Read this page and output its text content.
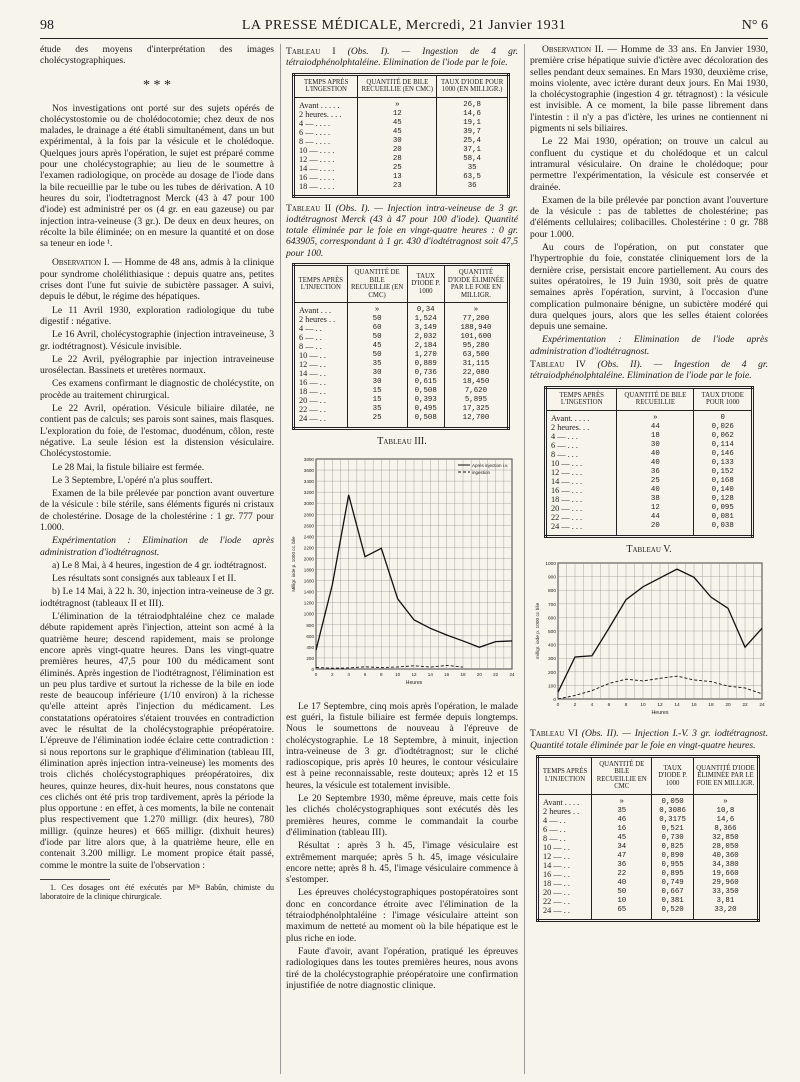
98	LA PRESSE MÉDICALE, Mercredi, 21 Janvier 1931	N° 6

étude des moyens d'interprétation des images cholécystographiques.

* * *

Nos investigations ont porté sur des sujets opérés de cholécystostomie ou de cholédocotomie; chez deux de nos malades, le drainage a été établi simultanément, dans un but expérimental, à la fois par la vésicule et le cholédoque. Quelques jours après l'opération, le sujet est préparé comme pour une cholécystographie; au lieu de le soumettre à l'examen radiologique, on procède au dosage de l'iode dans la bile recueillie par le tube ou les tubes de dérivation. A 10 heures du soir, l'iodtetragnost Merck (43 à 47 pour 100 d'iode) est administré per os (4 gr. en eau gazeuse) ou par injection intra-veineuse (3 gr.). De deux en deux heures, on récolte la bile éliminée; on en mesure la quantité et on dose sa teneur en iode ¹.

Observation I. — Homme de 48 ans, admis à la clinique pour syndrome cholélithiasique : depuis quatre ans, petites crises dont l'une fut suivie de subictère passager. A suivi, depuis le début, le régime des hépatiques.

Le 11 Avril 1930, exploration radiologique du tube digestif : négative.

Le 16 Avril, cholécystographie (injection intraveineuse, 3 gr. iodtétragnost). Vésicule invisible.

Le 22 Avril, pyélographie par injection intraveineuse urosélectan. Bassinets et uretères normaux.

Ces examens confirmant le diagnostic de cholécystite, on procède au traitement chirurgical.

Le 22 Avril, opération. Vésicule biliaire dilatée, ne contient pas de calculs; ses parois sont saines, mais flasques. L'exploration du foie, de l'estomac, duodénum, côlon, reste négative. La seule lésion est la distension vésiculaire. Cholécystostomie.

Le 28 Mai, la fistule biliaire est fermée.

Le 3 Septembre, L'opéré n'a plus souffert.

Examen de la bile prélevée par ponction avant ouverture de la vésicule : bile stérile, sans éléments figurés ni cristaux de cholestérine. Dosage de la cholestérine : 1 gr. 777 pour 1.000.

Expérimentation : Elimination de l'iode après administration d'iodtétragnost.

a) Le 8 Mai, à 4 heures, ingestion de 4 gr. iodtétragnost.

Les résultats sont consignés aux tableaux I et II.

b) Le 14 Mai, à 22 h. 30, injection intra-veineuse de 3 gr. iodtétragnost (tableaux II et III).

L'élimination de la tétraiodphtaléine chez ce malade débute rapidement après l'injection, atteint son acmé à la quatrième heure; descend rapidement, mais se prolonge encore après vingt-quatre heures. Dans les vingt-quatre premières heures, 47,5 pour 100 du médicament sont éliminés. Après ingestion de l'iodtétragnost, l'élimination est un peu plus tardive et surtout la richesse de la bile en iode reste de beaucoup inférieure (1/10 environ) à la richesse qu'elle atteint après l'injection du médicament. Les constatations opératoires s'étaient trouvées en contradiction avec le résultat de la cholécystographie préopératoire. L'épreuve de l'élimination iodée éclaire cette contradiction : si nous reportons sur le graphique d'élimination (tableau III, élimination après injection intra-veineuse) les moments des trois clichés cholécystographiques préopératoires, dix heures, quinze heures, dix-huit heures, nous constatons que ces clichés ont été pris trop tardivement, après la période la plus opportune : en effet, à ces moments, la bile ne contenait plus respectivement que 1.270 milligr. (dix heures), 780 milligr. (quinze heures) et 665 milligr. (dixhuit heures) d'iode par litre alors que, à la quatrième heure, elle en contenait 3.200 milligr. Le moment propice était passé, comme le montre la suite de l'observation :

1. Ces dosages ont été exécutés par Mˡˡᵉ Babûn, chimiste du laboratoire de la clinique chirurgicale.

Tableau I (Obs. I). — Ingestion de 4 gr. tétraiodphénolphtaléine. Elimination de l'iode par le foie.

TEMPS APRÈS L'INGESTION	QUANTITÉ DE BILE RECUEILLIE (EN CMC)	TAUX D'IODE POUR 1000 (EN MILLIGR.)
Avant . . . . .	»	26,8
2 heures. . . .	12	14,6
4 — . . . .	45	19,1
6 — . . . .	45	39,7
8 — . . . .	30	25,4
10 — . . . .	20	37,1
12 — . . . .	28	58,4
14 — . . . .	25	35
16 — . . . .	13	63,5
18 — . . . .	23	36

Tableau II (Obs. I). — Injection intra-veineuse de 3 gr. iodtétragnost Merck (43 à 47 pour 100 d'iode). Quantité totale éliminée par le foie en vingt-quatre heures : 0 gr. 643905, correspondant à 1 gr. 430 d'iodtétragnost soit 47,5 pour 100.

TEMPS APRÈS L'INJECTION	QUANTITÉ DE BILE RECUEILLIE (EN CMC)	TAUX D'IODE P. 1000	QUANTITÉ D'IODE ÉLIMINÉE PAR LE FOIE EN MILLIGR.
Avant . . .	»	0,34	»
2 heures . .	50	1,524	77,200
4 — . .	60	3,149	188,940
6 — . .	50	2,032	101,600
8 — . .	45	2,184	95,280
10 — . .	50	1,270	63,500
12 — . .	35	0,889	31,115
14 — . .	30	0,736	22,080
16 — . .	30	0,615	18,450
18 — . .	15	0,508	7,620
20 — . .	15	0,393	5,895
22 — . .	35	0,495	17,325
24 — . .	25	0,508	12,700

Tableau III.

0
200
400
600
800
1000
1200
1400
1600
1800
2000
2200
2400
2600
2800
3000
3200
3400
3600
3800
0	2	4	6	8	10 12 14 16 18 20 22 24
Heures
Milligr. iode p. 1000 cc. bile
Après injection i.v.
ingestion

Le 17 Septembre, cinq mois après l'opération, le malade est guéri, la fistule biliaire est fermée depuis longtemps. Nous le soumettons de nouveau à l'épreuve de cholécystographie. Le 18 Septembre, à minuit, injection intra-veineuse de 3 gr. d'iodtétragnost; sur le cliché radioscopique, pris après 10 heures, le contour vésiculaire est à peine reconnaissable, reste douteux; après 12 et 15 heures, la vésicule est totalement invisible.

Le 20 Septembre 1930, même épreuve, mais cette fois les clichés cholécystographiques sont exécutés dès les premières heures, comme le commandait la courbe d'élimination (tableau III).

Résultat : après 3 h. 45, l'image vésiculaire est extrêmement marquée; après 5 h. 45, image vésiculaire encore nette; après 8 h. 45, l'image vésiculaire commence à s'estomper.

Les épreuves cholécystographiques postopératoires sont donc en concordance étroite avec l'élimination de la tétraiodphénolphtaléine : l'image vésiculaire atteint son maximum de netteté au moment où la bile hépatique est le plus riche en iode.

Faute d'avoir, avant l'opération, pratiqué les épreuves radiologiques dans les toutes premières heures, nous avons tiré de la cholécystographie préopératoire une confirmation injustifiée de notre diagnostic clinique.

Observation II. — Homme de 33 ans. En Janvier 1930, première crise hépatique suivie d'ictère avec décoloration des selles pendant deux semaines. En Mars 1930, deuxième crise, moins violente, avec ictère durant deux jours. En Mai 1930, la cholécystographie (ingestion 4 gr. tétragnost) : la vésicule est invisible. A ce moment, la bile passe librement dans l'intestin : il n'y a pas d'ictère, les urines ne contiennent ni pigments ni sels biliaires.

Le 22 Mai 1930, opération; on trouve un calcul au confluent du cystique et du cholédoque et un calcul intramural vésiculaire. On draine le cholédoque; pour permettre l'expérimentation, la vésicule est conservée et drainée.

Examen de la bile prélevée par ponction avant l'ouverture de la vésicule : pas de tablettes de cholestérine; pas d'éléments cellulaires; colibacilles. Cholestérine : 0 gr. 788 pour 1.000.

Au cours de l'opération, on put constater que l'hypertrophie du foie, constatée cliniquement lors de la dernière crise, persistait encore partiellement. Au cours des suites opératoires, le 19 Juin 1930, soit près de quatre semaines après l'opération, survint, à l'occasion d'une complication pulmonaire bénigne, un subictère modéré qui dura quelques jours, alors que les selles étaient colorées depuis une semaine.

Expérimentation : Elimination de l'iode après administration d'iodtétragnost.

Tableau IV (Obs. II). — Ingestion de 4 gr. tétraiodphénolphtaléine. Elimination de l'iode par le foie.

TEMPS APRÈS L'INGESTION	QUANTITÉ DE BILE RECUEILLIE	TAUX D'IODE POUR 1000
Avant. . . . .	»	0
2 heures. . .	44	0,026
4 — . . .	18	0,062
6 — . . .	30	0,114
8 — . . .	40	0,146
10 — . . .	40	0,133
12 — . . .	36	0,152
14 — . . .	25	0,168
16 — . . .	40	0,140
18 — . . .	38	0,128
20 — . . .	12	0,095
22 — . . .	44	0,081
24 — . . .	20	0,038

Tableau V.

0
100
200
300
400
500
600
700
800
900
1000
0	2	4	6	8	10 12 14 16 18 20 22 24
Heures
milligr. iode p. 1000 cc bile

Tableau VI (Obs. II). — Injection I.-V. 3 gr. iodtétragnost. Quantité totale éliminée par le foie en vingt-quatre heures.

TEMPS APRÈS L'INJECTION	QUANTITÉ DE BILE RECUEILLIE EN CMC	TAUX D'IODE P. 1000	QUANTITÉ D'IODE ÉLIMINÉE PAR LE FOIE EN MILLIGR.
Avant . . . .	»	0,050	»
2 heures . .	35	0,3086	10,8
4 — . .	46	0,3175	14,6
6 — . .	16	0,521	8,366
8 — . .	45	0,730	32,850
10 — . .	34	0,825	28,050
12 — . .	47	0,890	40,360
14 — . .	36	0,955	34,380
16 — . .	22	0,895	19,660
18 — . .	40	0,749	29,960
20 — . .	50	0,667	33,350
22 — . .	10	0,381	3,81
24 — . .	65	0,520	33,20
